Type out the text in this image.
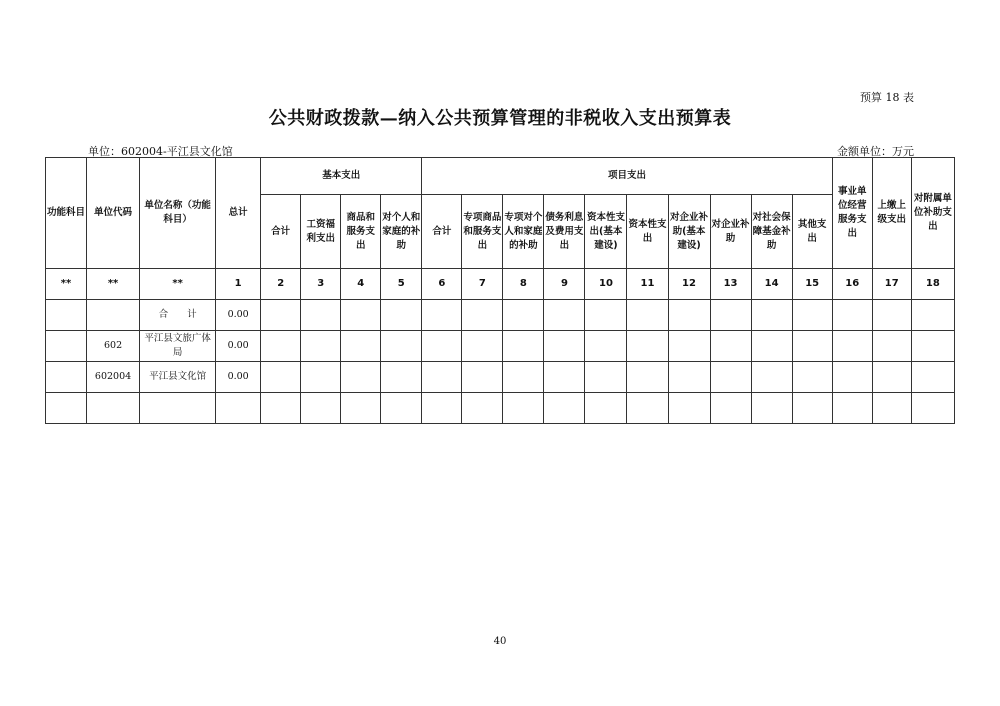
预算 18 表
公共财政拨款—纳入公共预算管理的非税收入支出预算表
单位：602004-平江县文化馆	金额单位：万元
功能科目	单位代码	单位名称（功能科目）	总计	基本支出				项目支出										事业单位经营服务支出	上缴上级支出	对附属单位补助支出
				合计	工资福利支出	商品和服务支出	对个人和家庭的补助	合计	专项商品和服务支出	专项对个人和家庭的补助	债务利息及费用支出	资本性支出(基本建设)	资本性支出	对企业补助(基本建设)	对企业补助	对社会保障基金补助	其他支出			
**	**	**	1	2	3	4	5	6	7	8	9	10	11	12	13	14	15	16	17	18
		合　　计	0.00																	
	602	平江县文旅广体局	0.00																	
	602004	平江县文化馆	0.00																	

40
